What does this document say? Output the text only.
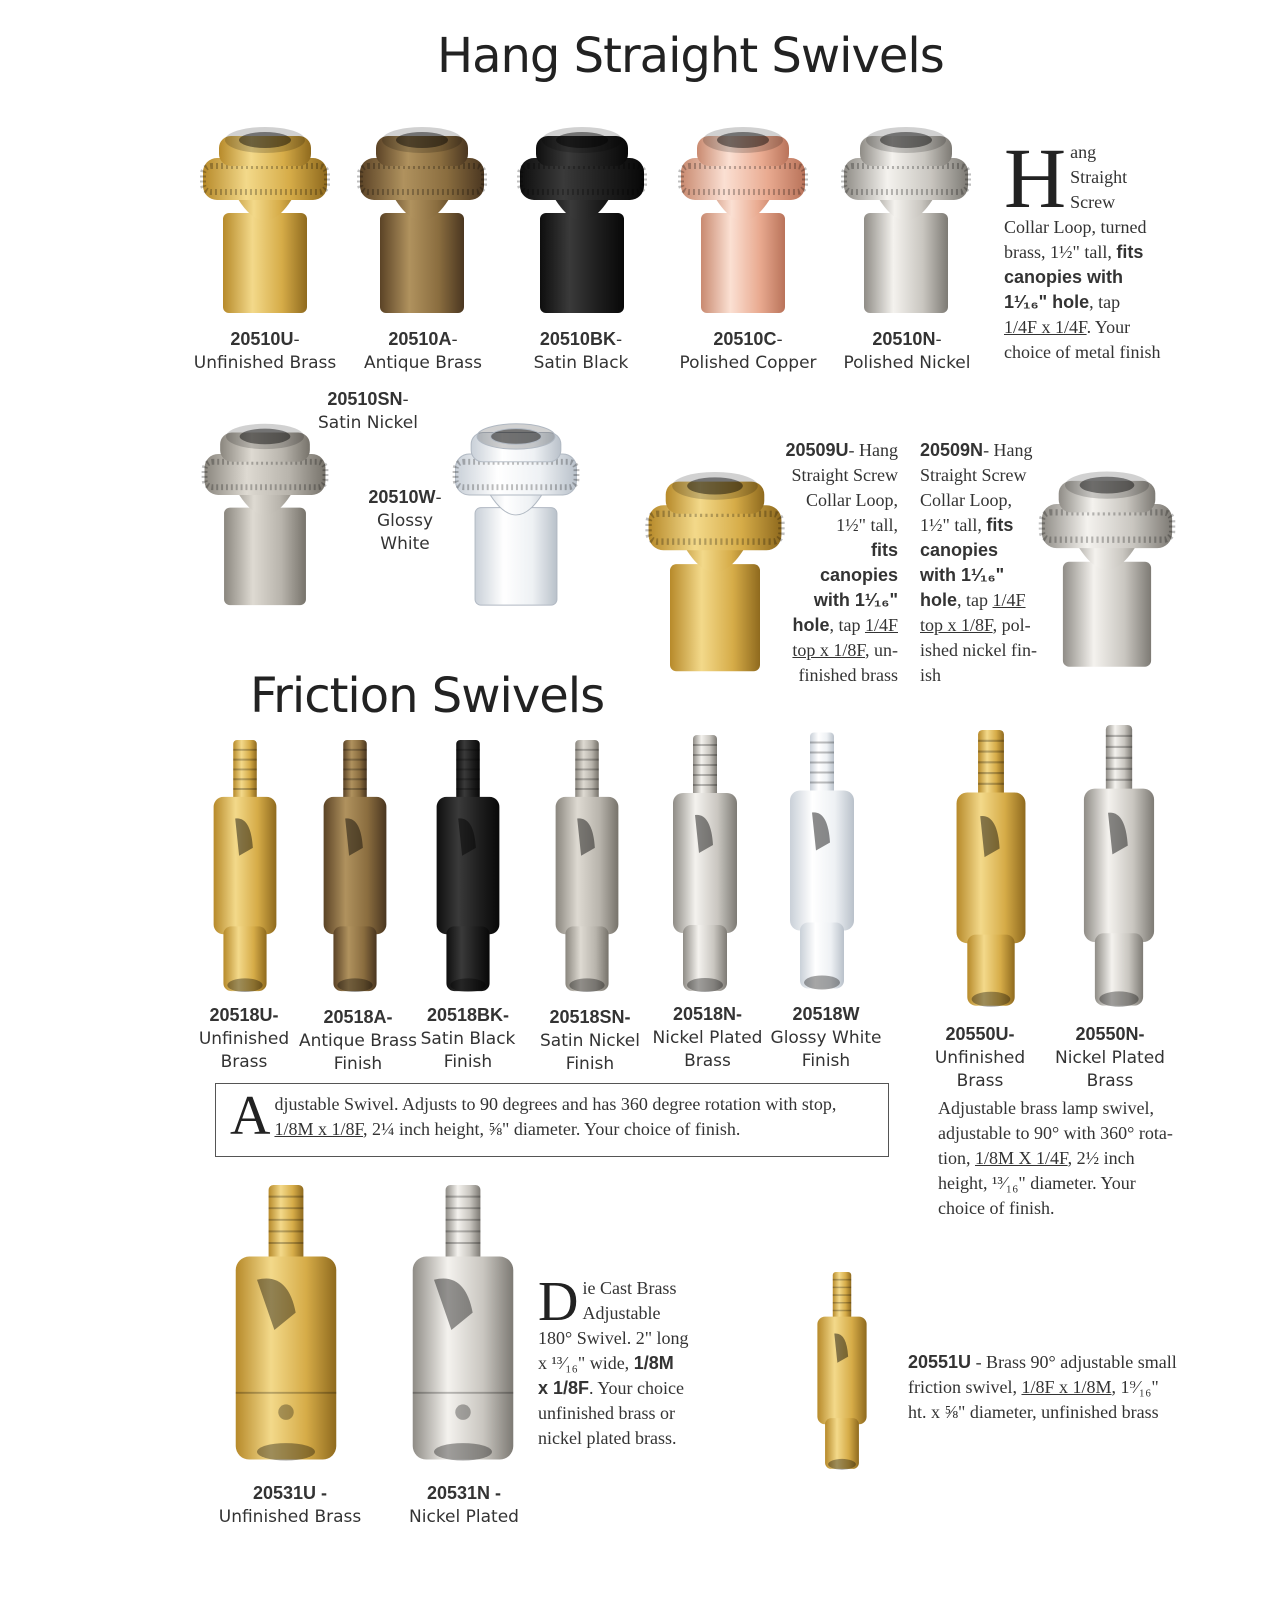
Hang Straight Swivels
20510U-
Unfinished Brass
20510A-
Antique Brass
20510BK-
Satin Black
20510C-
Polished Copper
20510N-
Polished Nickel
H ang
Straight
Screw
Collar Loop, turned
brass, 1½" tall, fits
canopies with
1¹⁄₁₆" hole, tap
1/4F x 1/4F. Your
choice of metal finish
20510SN-
Satin Nickel
20510W-
Glossy White
20509U- Hang
Straight Screw
Collar Loop,
1½" tall,
fits
canopies
with 1¹⁄₁₆"
hole, tap 1/4F
top x 1/8F, un-
finished brass
20509N- Hang
Straight Screw
Collar Loop,
1½" tall, fits
canopies
with 1¹⁄₁₆"
hole, tap 1/4F
top x 1/8F, pol-
ished nickel fin-
ish
Friction Swivels
20518U-
Unfinished
Brass
20518A-
Antique Brass
Finish
20518BK-
Satin Black
Finish
20518SN-
Satin Nickel
Finish
20518N-
Nickel Plated
Brass
20518W
Glossy White
Finish
20550U-
Unfinished
Brass
20550N-
Nickel Plated
Brass
A djustable Swivel. Adjusts to 90 degrees and has 360 degree rotation with stop,
1/8M x 1/8F, 2¼ inch height, ⅝" diameter. Your choice of finish.
Adjustable brass lamp swivel,
adjustable to 90° with 360° rota-
tion, 1/8M X 1/4F, 2½ inch
height, ¹³⁄₁₆" diameter. Your
choice of finish.
D ie Cast Brass
Adjustable
180° Swivel. 2" long
x ¹³⁄₁₆" wide, 1/8M
x 1/8F. Your choice
unfinished brass or
nickel plated brass.
20531U -
Unfinished Brass
20531N -
Nickel Plated
20551U - Brass 90° adjustable small
friction swivel, 1/8F x 1/8M, 1⁹⁄₁₆"
ht. x ⅝" diameter, unfinished brass
